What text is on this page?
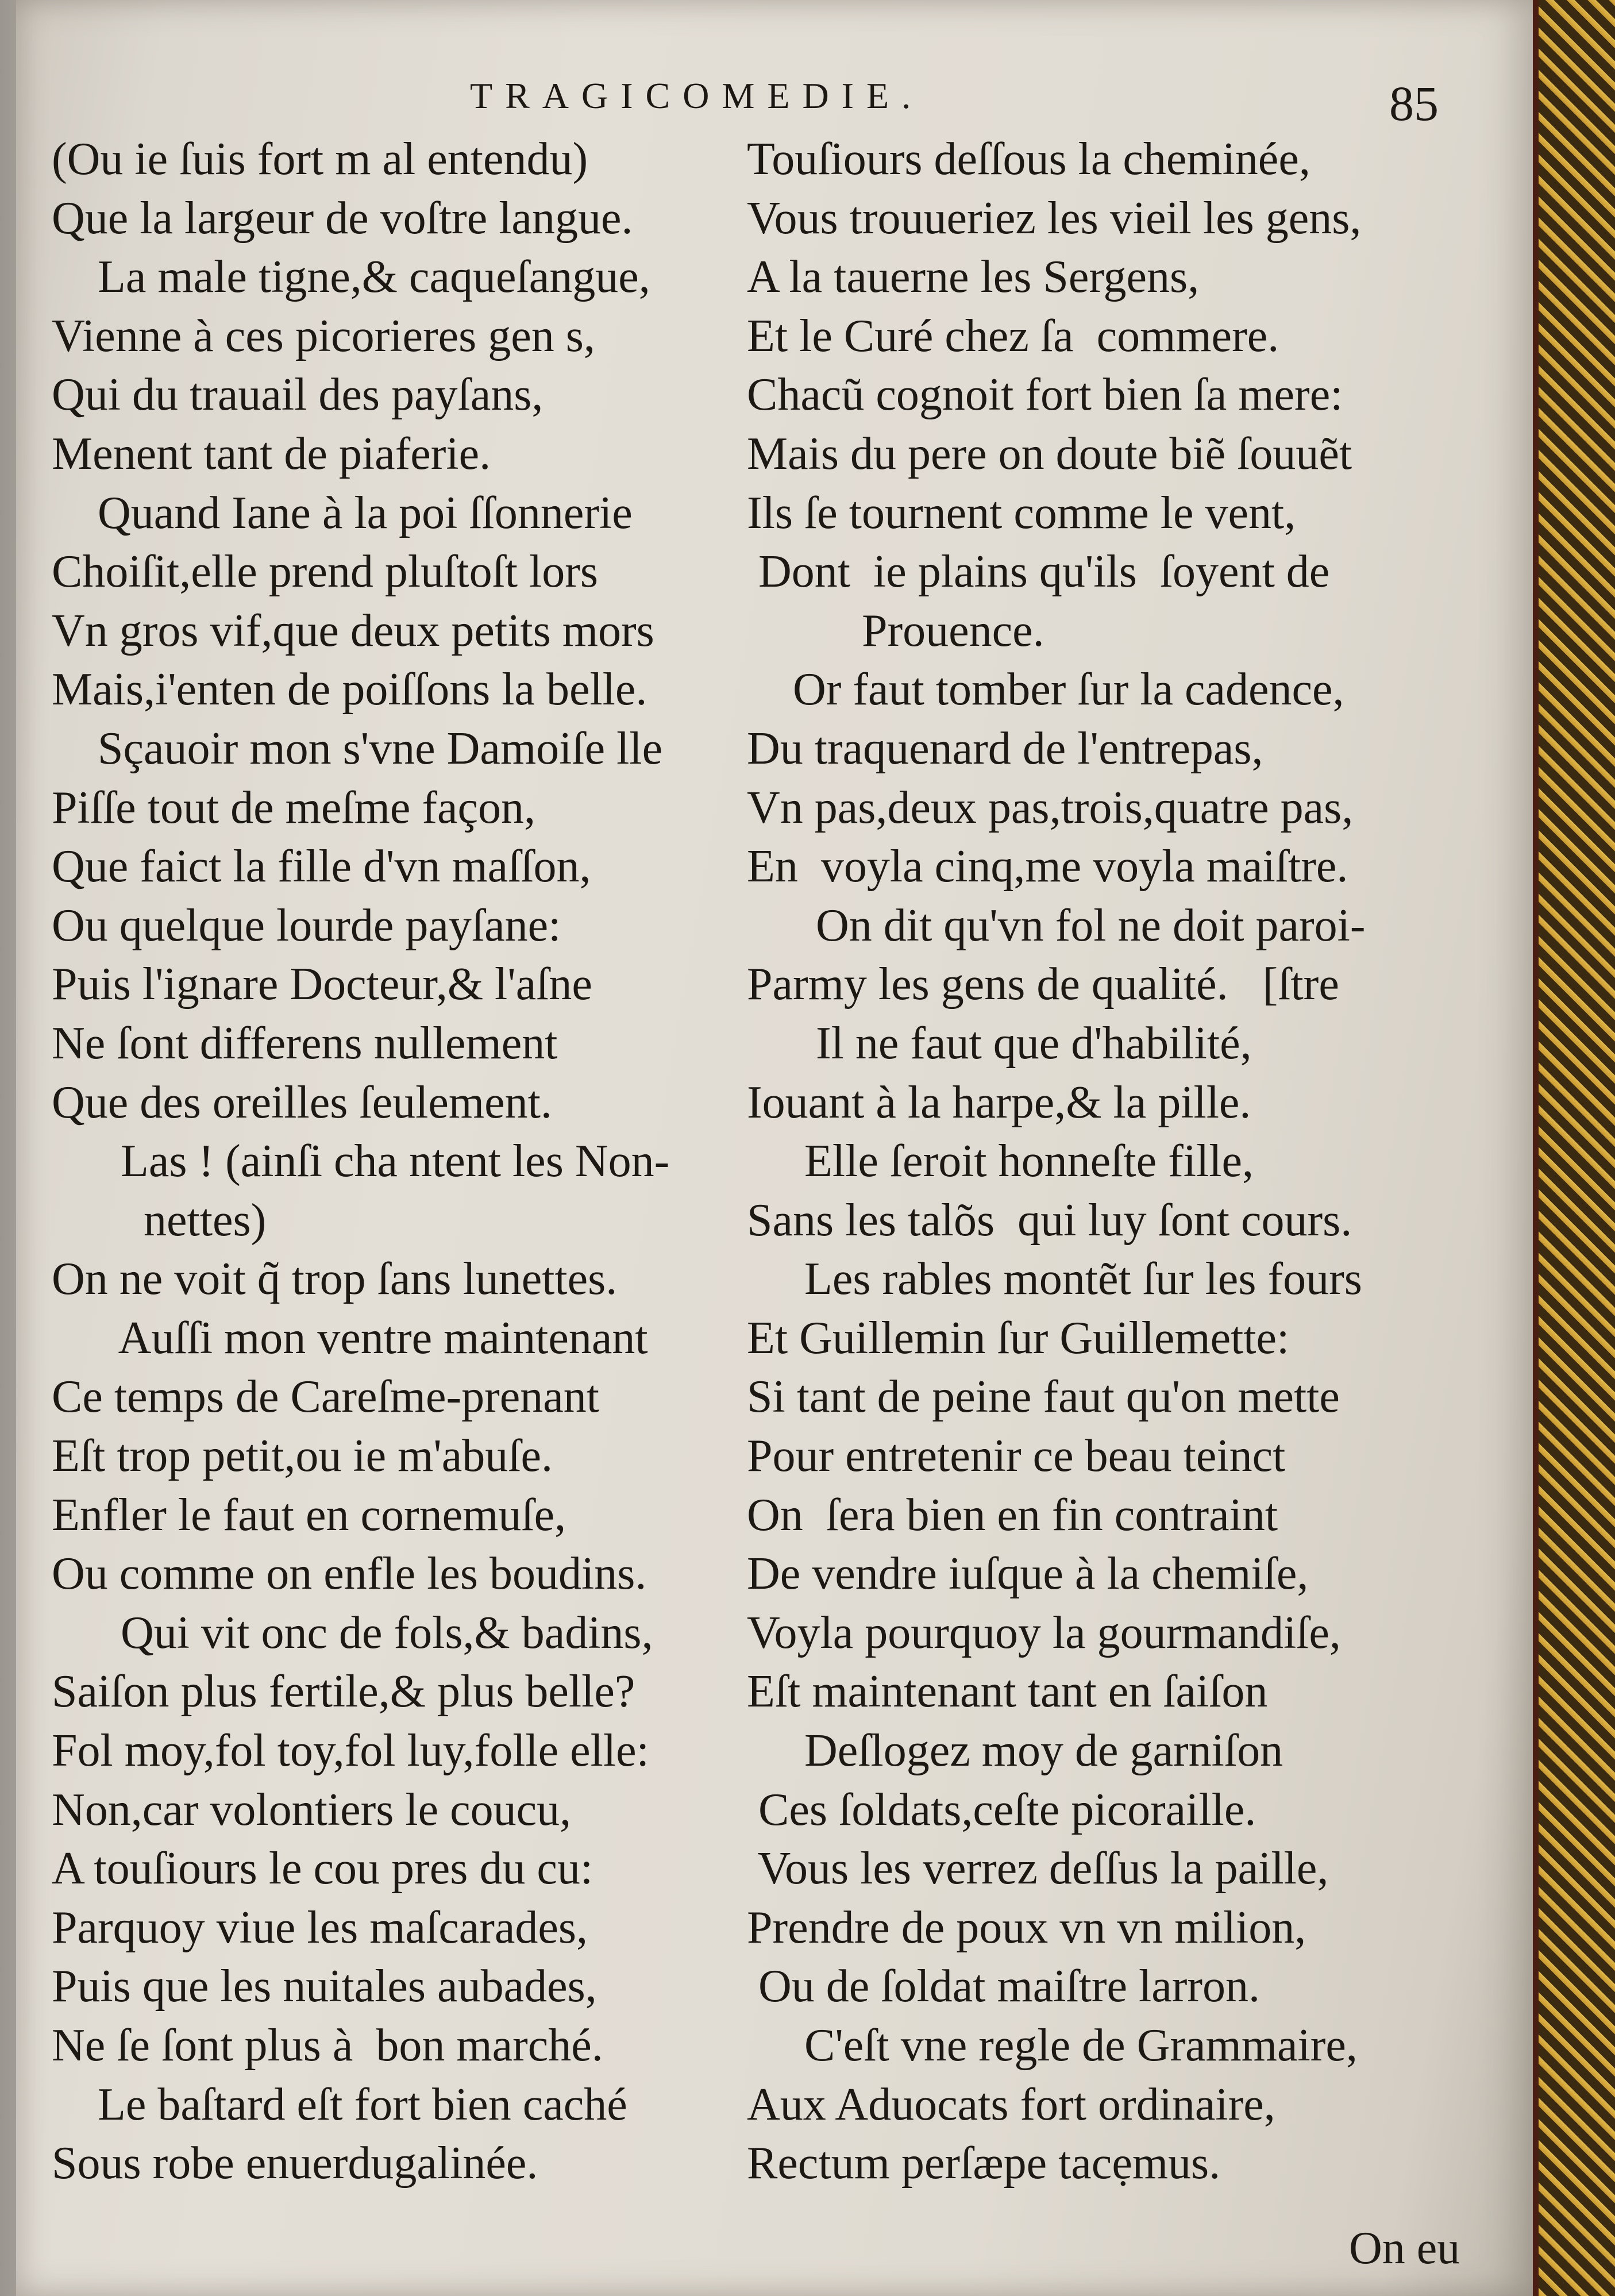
TRAGICOMEDIE.	85
(Ou ie ſuis fort m al entendu)
Que la largeur de voſtre langue.
La male tigne,& caqueſangue,
Vienne à ces picorieres gen s,
Qui du trauail des payſans,
Menent tant de piaferie.
Quand Iane à la poi ſſonnerie
Choiſit,elle prend pluſtoſt lors
Vn gros vif,que deux petits mors
Mais,i'enten de poiſſons la belle.
Sçauoir mon s'vne Damoiſe lle
Piſſe tout de meſme façon,
Que faict la fille d'vn maſſon,
Ou quelque lourde payſane:
Puis l'ignare Docteur,& l'aſne
Ne ſont differens nullement
Que des oreilles ſeulement.
Las ! (ainſi cha ntent les Non-
nettes)
On ne voit q̃ trop ſans lunettes.
Auſſi mon ventre maintenant
Ce temps de Careſme-prenant
Eſt trop petit,ou ie m'abuſe.
Enfler le faut en cornemuſe,
Ou comme on enfle les boudins.
Qui vit onc de fols,& badins,
Saiſon plus fertile,& plus belle?
Fol moy,fol toy,fol luy,folle elle:
Non,car volontiers le coucu,
A touſiours le cou pres du cu:
Parquoy viue les maſcarades,
Puis que les nuitales aubades,
Ne ſe ſont plus à  bon marché.
Le baſtard eſt fort bien caché
Sous robe enuerdugalinée.
Touſiours deſſous la cheminée,
Vous trouueriez les vieil les gens,
A la tauerne les Sergens,
Et le Curé chez ſa  commere.
Chacũ cognoit fort bien ſa mere:
Mais du pere on doute biẽ ſouuẽt
Ils ſe tournent comme le vent,
Dont  ie plains qu'ils  ſoyent de
Prouence.
Or faut tomber ſur la cadence,
Du traquenard de l'entrepas,
Vn pas,deux pas,trois,quatre pas,
En  voyla cinq,me voyla maiſtre.
On dit qu'vn fol ne doit paroi-
Parmy les gens de qualité.   [ſtre
Il ne faut que d'habilité,
Iouant à la harpe,& la pille.
Elle ſeroit honneſte fille,
Sans les talõs  qui luy ſont cours.
Les rables montẽt ſur les fours
Et Guillemin ſur Guillemette:
Si tant de peine faut qu'on mette
Pour entretenir ce beau teinct
On  ſera bien en fin contraint
De vendre iuſque à la chemiſe,
Voyla pourquoy la gourmandiſe,
Eſt maintenant tant en ſaiſon
Deſlogez moy de garniſon
Ces ſoldats,ceſte picoraille.
Vous les verrez deſſus la paille,
Prendre de poux vn vn milion,
Ou de ſoldat maiſtre larron.
C'eſt vne regle de Grammaire,
Aux Aduocats fort ordinaire,
Rectum perſæpe tacẹmus.
On eu
